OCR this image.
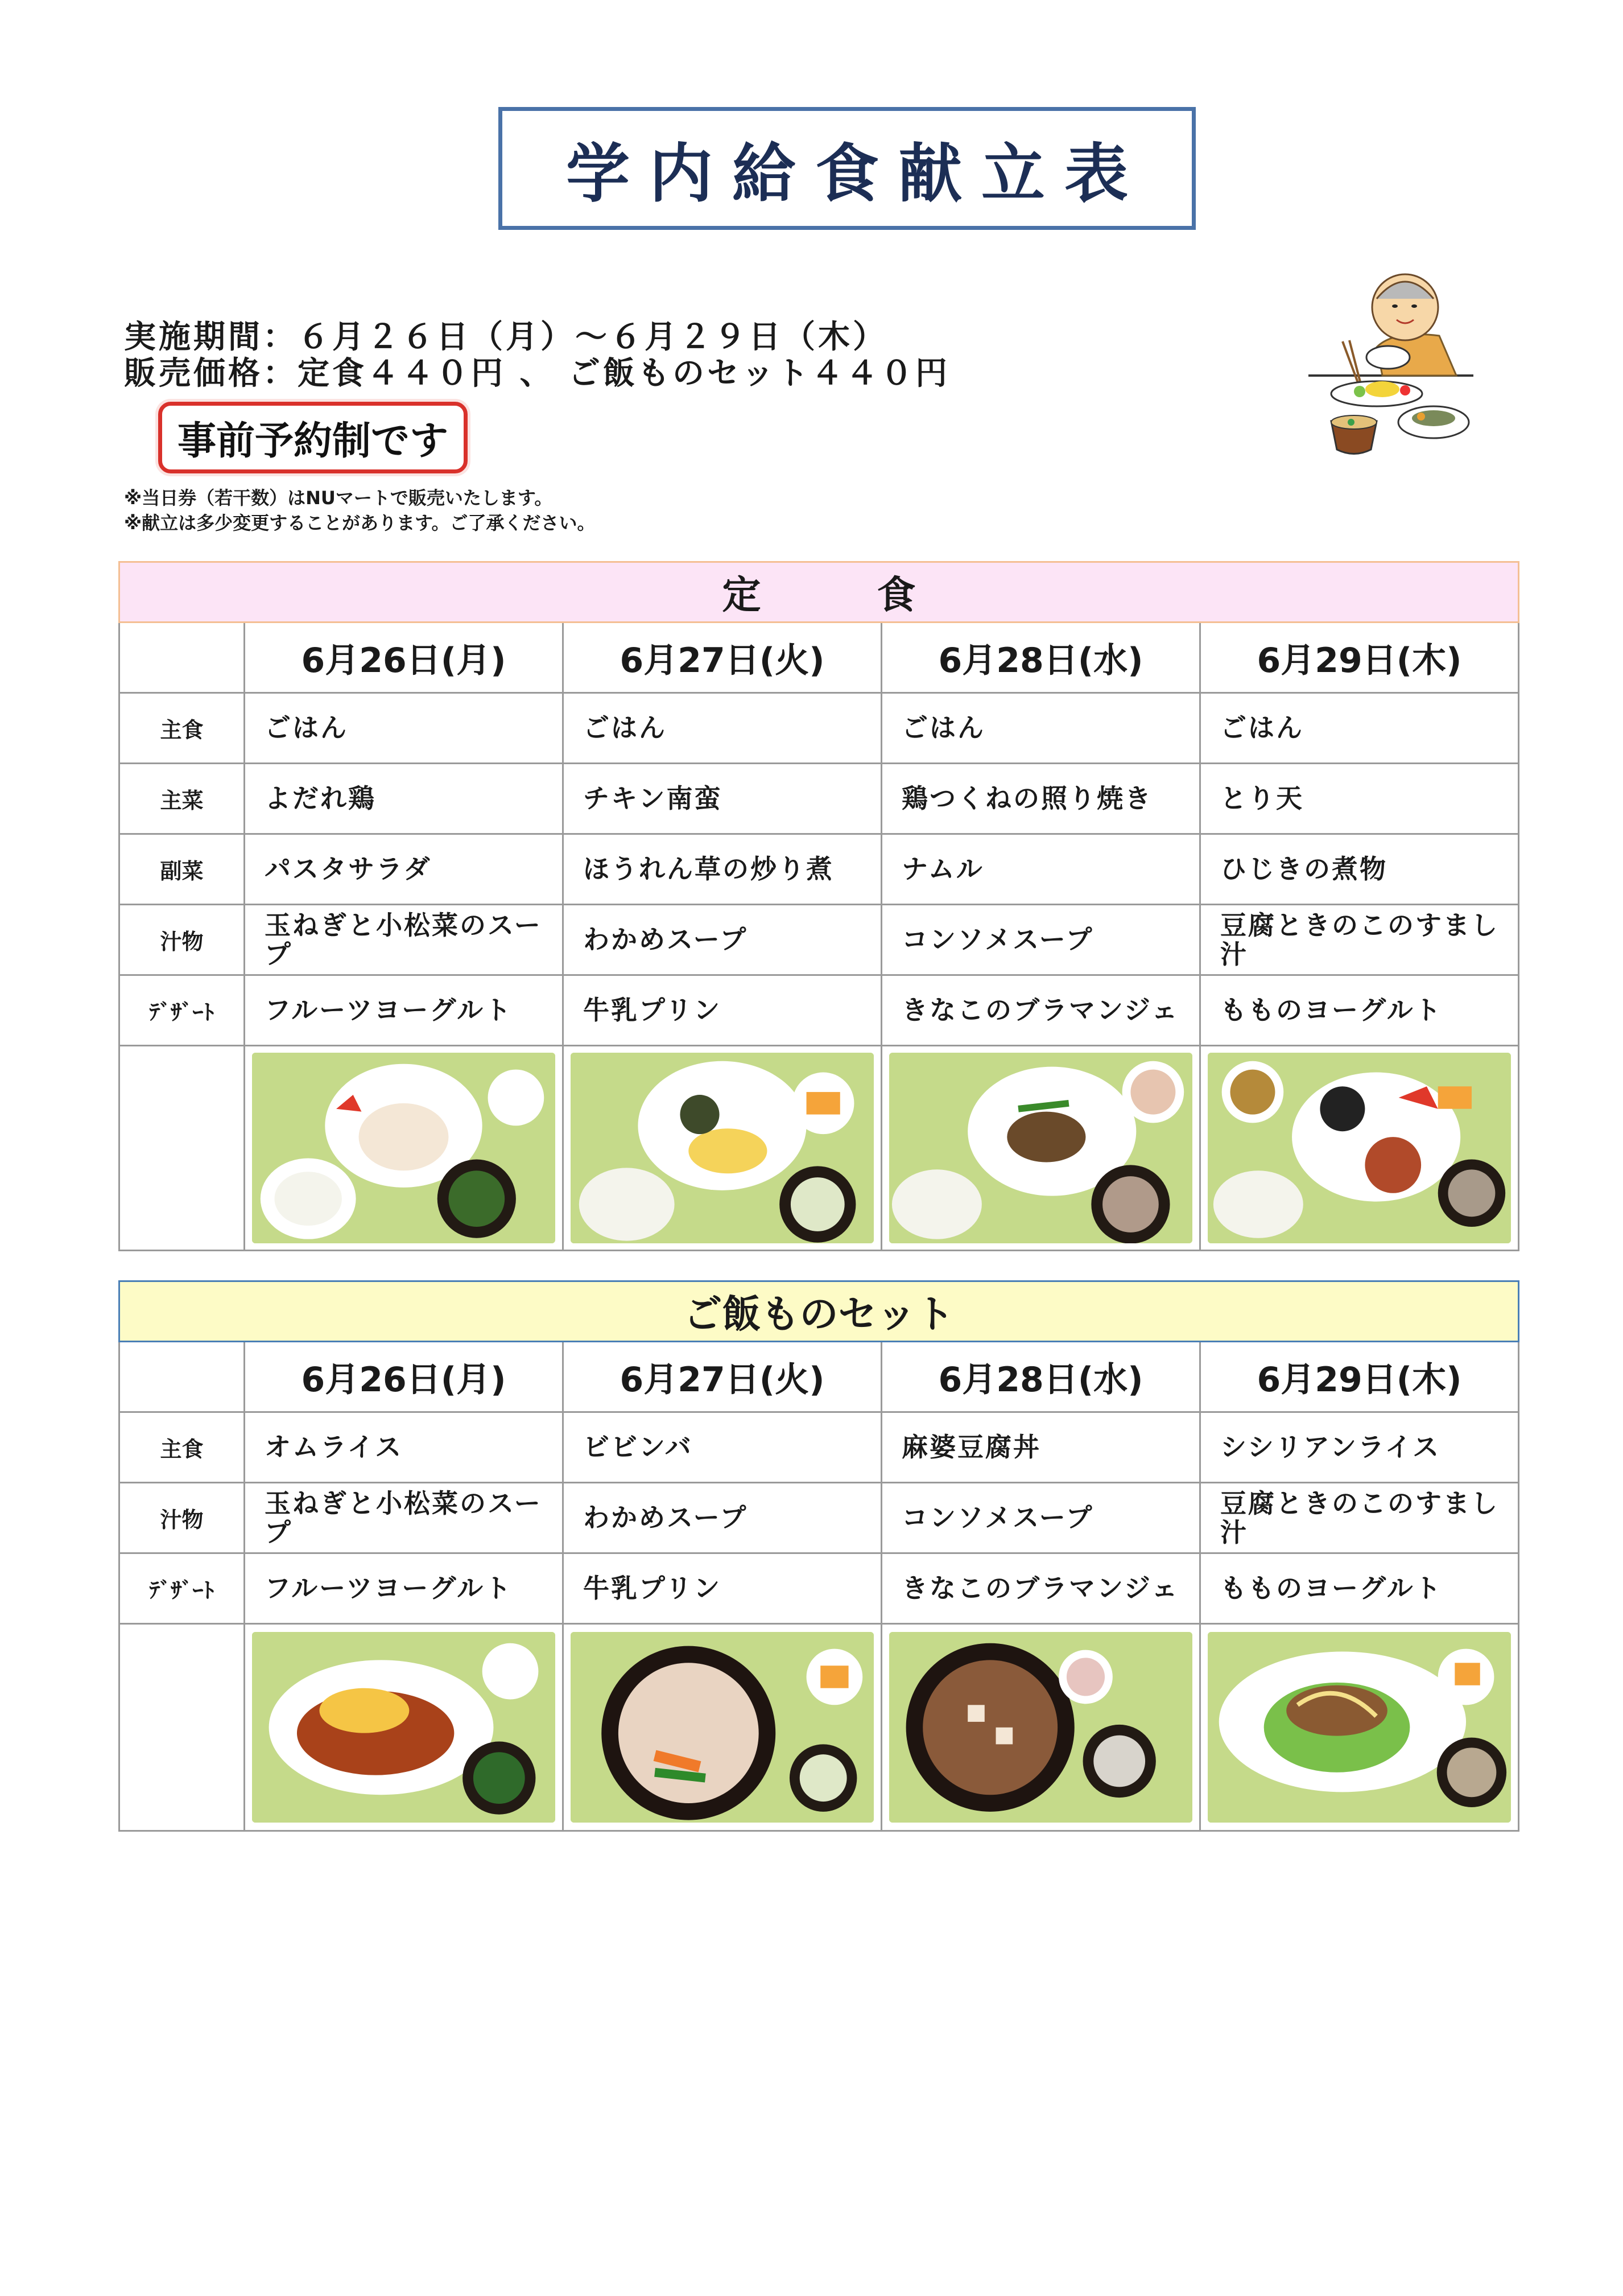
学内給食献立表
実施期間：６月２６日（月）～６月２９日（木）
販売価格：定食４４０円 、 ご飯ものセット４４０円
事前予約制です
※当日券（若干数）はNUマートで販売いたします。
※献立は多少変更することがあります。ご了承ください。
定　　　食				
	6月26日(月)	6月27日(火)	6月28日(水)	6月29日(木)
主食	ごはん	ごはん	ごはん	ごはん
主菜	よだれ鶏	チキン南蛮	鶏つくねの照り焼き	とり天
副菜	パスタサラダ	ほうれん草の炒り煮	ナムル	ひじきの煮物
汁物	玉ねぎと小松菜のスープ	わかめスープ	コンソメスープ	豆腐ときのこのすまし汁
ﾃﾞｻﾞｰﾄ	フルーツヨーグルト	牛乳プリン	きなこのブラマンジェ	もものヨーグルト

ご飯ものセット				
	6月26日(月)	6月27日(火)	6月28日(水)	6月29日(木)
主食	オムライス	ビビンバ	麻婆豆腐丼	シシリアンライス
汁物	玉ねぎと小松菜のスープ	わかめスープ	コンソメスープ	豆腐ときのこのすまし汁
ﾃﾞｻﾞｰﾄ	フルーツヨーグルト	牛乳プリン	きなこのブラマンジェ	もものヨーグルト
